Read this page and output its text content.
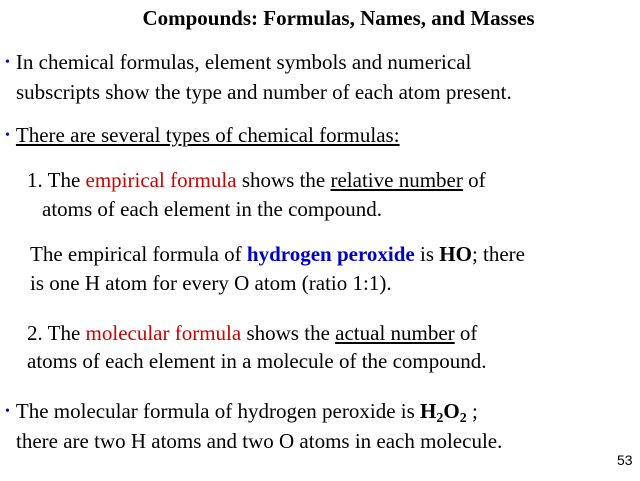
Compounds: Formulas, Names, and Masses
• In chemical formulas, element symbols and numerical
subscripts show the type and number of each atom present.
• There are several types of chemical formulas:
1. The empirical formula shows the relative number of
atoms of each element in the compound.
The empirical formula of hydrogen peroxide is HO; there
is one H atom for every O atom (ratio 1:1).
2. The molecular formula shows the actual number of
atoms of each element in a molecule of the compound.
• The molecular formula of hydrogen peroxide is $H_2O_2$ ;
there are two H atoms and two O atoms in each molecule.
53
